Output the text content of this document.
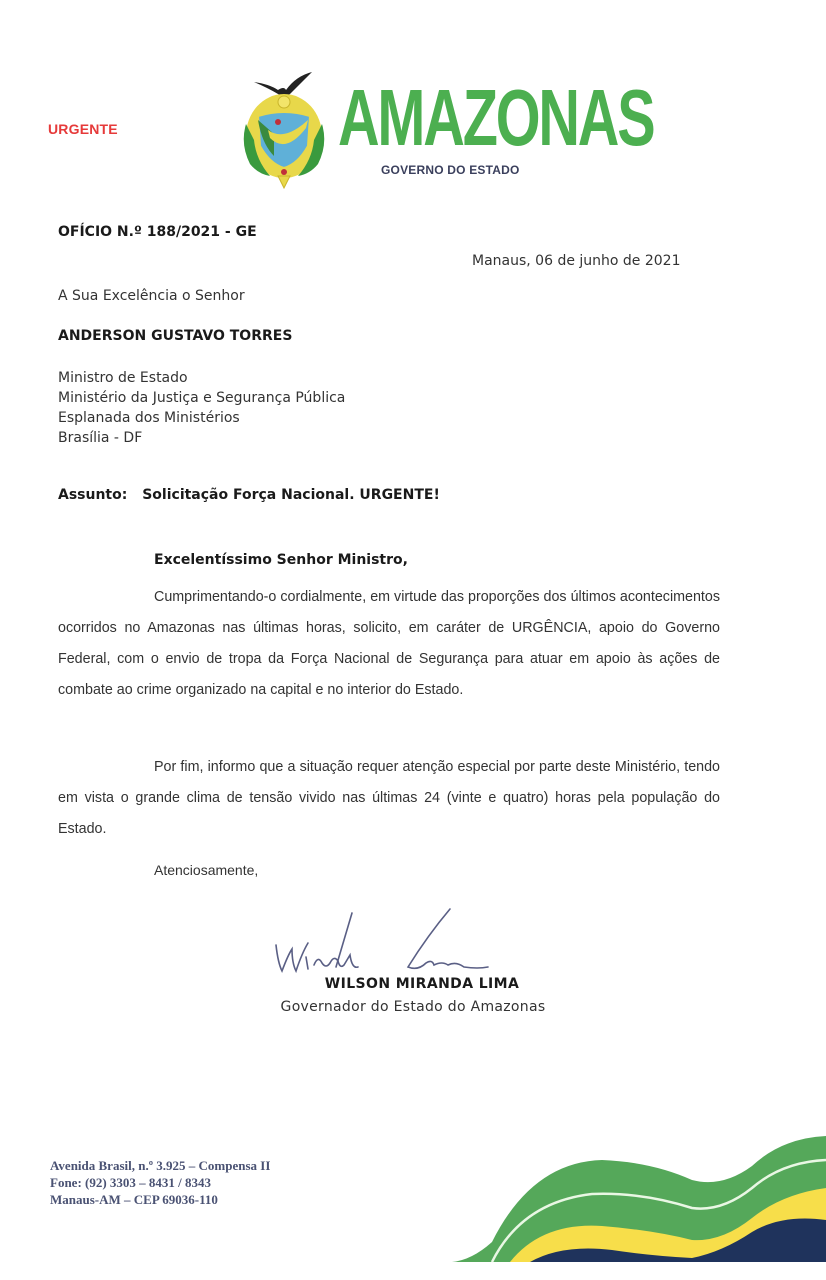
URGENTE	AMAZONAS
GOVERNO DO ESTADO
OFÍCIO N.º 188/2021 - GE
Manaus, 06 de junho de 2021
A Sua Excelência o Senhor
ANDERSON GUSTAVO TORRES
Ministro de Estado
Ministério da Justiça e Segurança Pública
Esplanada dos Ministérios
Brasília - DF
Assunto: Solicitação Força Nacional. URGENTE!
Excelentíssimo Senhor Ministro,
Cumprimentando-o cordialmente, em virtude das proporções dos últimos acontecimentos ocorridos no Amazonas nas últimas horas, solicito, em caráter de URGÊNCIA, apoio do Governo Federal, com o envio de tropa da Força Nacional de Segurança para atuar em apoio às ações de combate ao crime organizado na capital e no interior do Estado.
Por fim, informo que a situação requer atenção especial por parte deste Ministério, tendo em vista o grande clima de tensão vivido nas últimas 24 (vinte e quatro) horas pela população do Estado.
Atenciosamente,
WILSON MIRANDA LIMA
Governador do Estado do Amazonas
Avenida Brasil, n.º 3.925 – Compensa II
Fone: (92) 3303 – 8431 / 8343
Manaus-AM – CEP 69036-110
